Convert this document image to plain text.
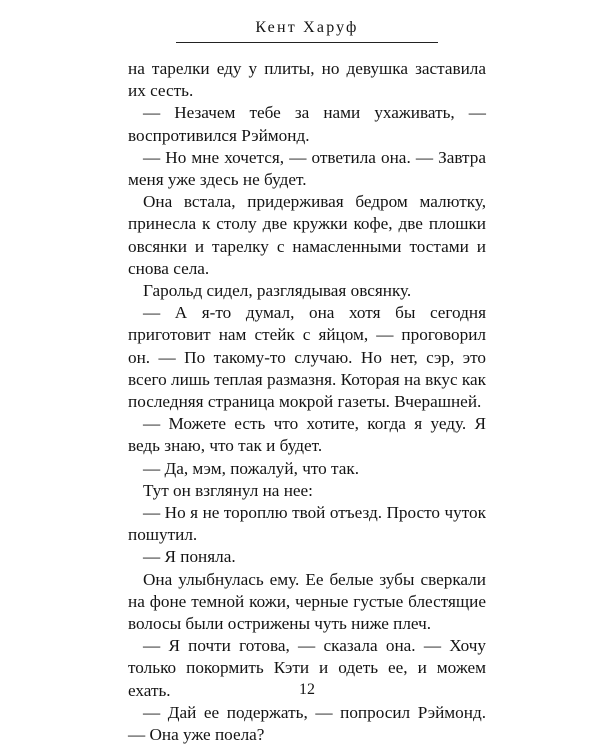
Кент Харуф

на тарелки еду у плиты, но девушка заставила их сесть.

— Незачем тебе за нами ухаживать, — воспротивился Рэймонд.

— Но мне хочется, — ответила она. — Завтра меня уже здесь не будет.

Она встала, придерживая бедром малютку, принесла к столу две кружки кофе, две плошки овсянки и тарелку с намасленными тостами и снова села.

Гарольд сидел, разглядывая овсянку.

— А я-то думал, она хотя бы сегодня приготовит нам стейк с яйцом, — проговорил он. — По такому-то случаю. Но нет, сэр, это всего лишь теплая размазня. Которая на вкус как последняя страница мокрой газеты. Вчерашней.

— Можете есть что хотите, когда я уеду. Я ведь знаю, что так и будет.

— Да, мэм, пожалуй, что так.

Тут он взглянул на нее:

— Но я не тороплю твой отъезд. Просто чуток пошутил.

— Я поняла.

Она улыбнулась ему. Ее белые зубы сверкали на фоне темной кожи, черные густые блестящие волосы были острижены чуть ниже плеч.

— Я почти готова, — сказала она. — Хочу только покормить Кэти и одеть ее, и можем ехать.

— Дай ее подержать, — попросил Рэймонд. — Она уже поела?

12
